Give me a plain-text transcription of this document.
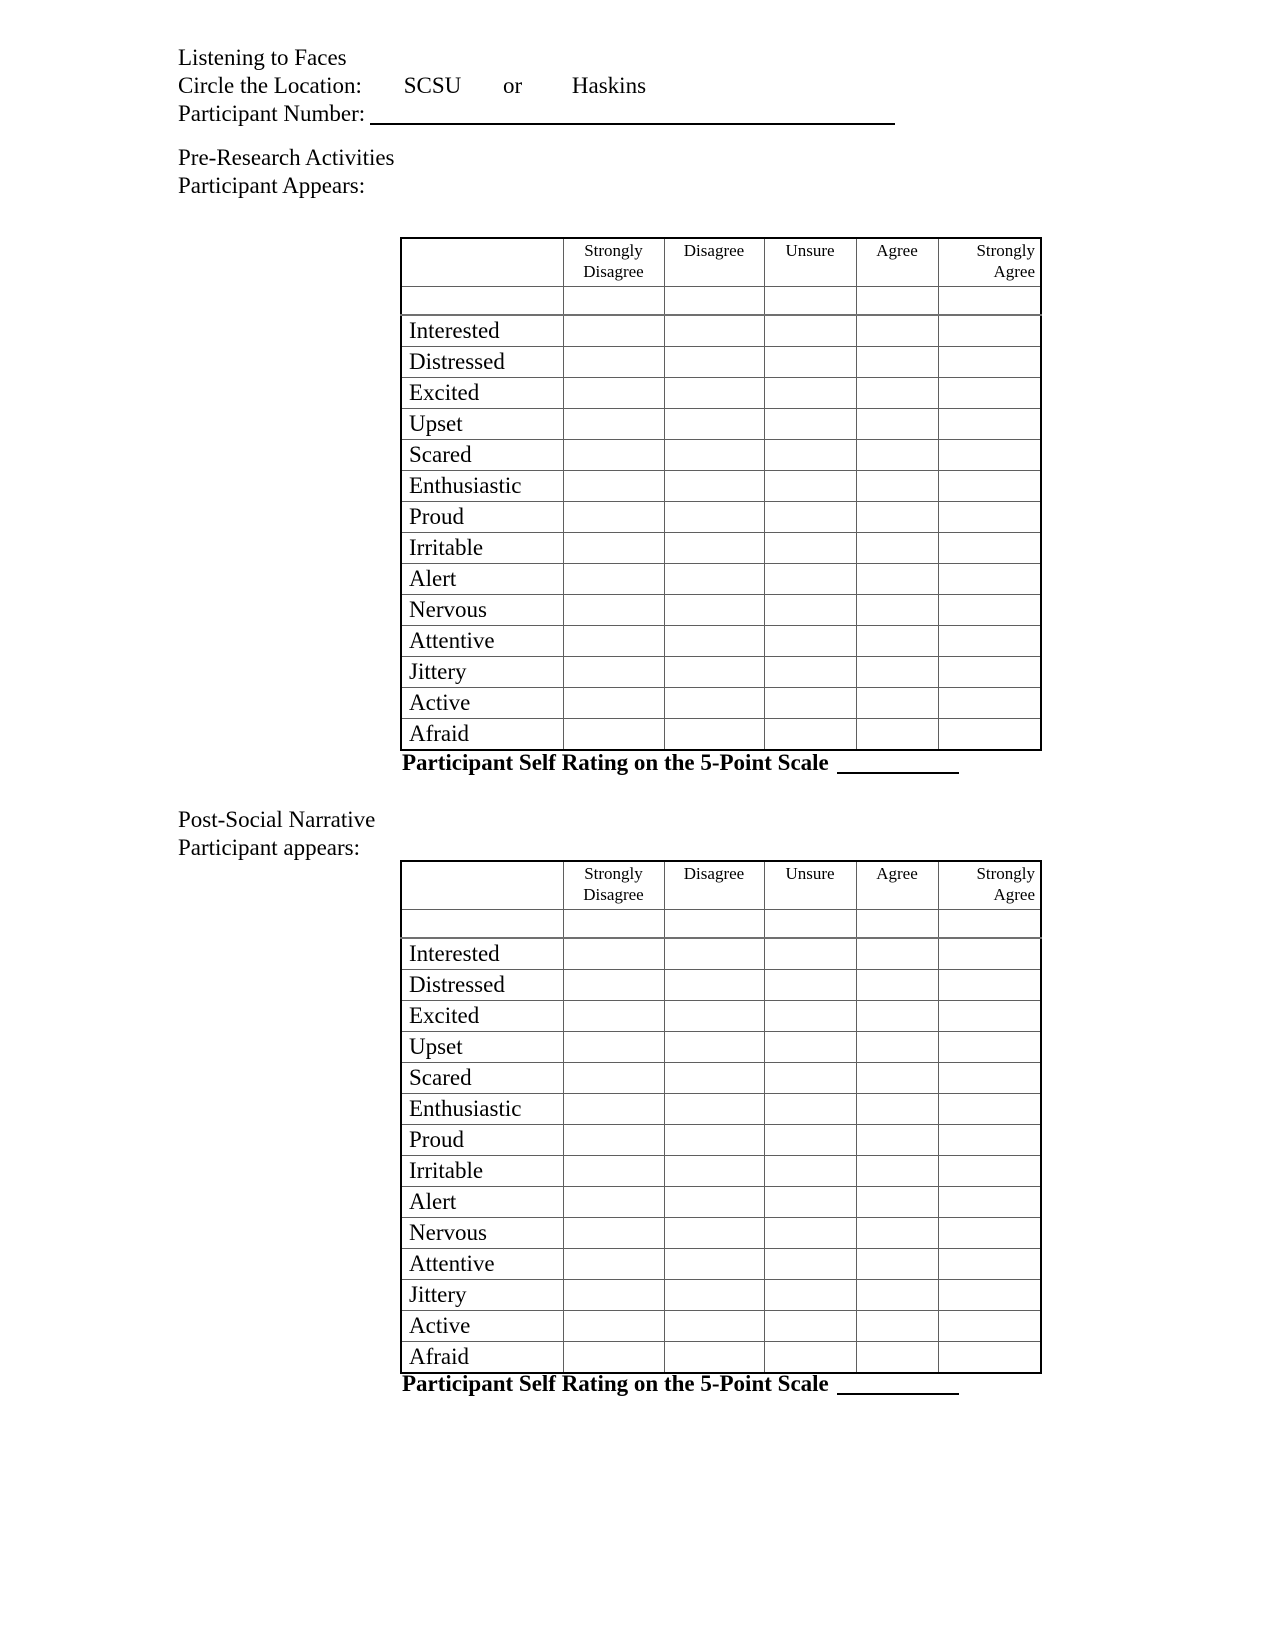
Listening to Faces
Circle the Location: SCSU or Haskins
Participant Number:
Pre-Research Activities
Participant Appears:
	Strongly Disagree	Disagree	Unsure	Agree	Strongly Agree

Interested					
Distressed					
Excited					
Upset					
Scared					
Enthusiastic					
Proud					
Irritable					
Alert					
Nervous					
Attentive					
Jittery					
Active					
Afraid					
Participant Self Rating on the 5-Point Scale
Post-Social Narrative
Participant appears:
	Strongly Disagree	Disagree	Unsure	Agree	Strongly Agree

Interested					
Distressed					
Excited					
Upset					
Scared					
Enthusiastic					
Proud					
Irritable					
Alert					
Nervous					
Attentive					
Jittery					
Active					
Afraid					
Participant Self Rating on the 5-Point Scale
